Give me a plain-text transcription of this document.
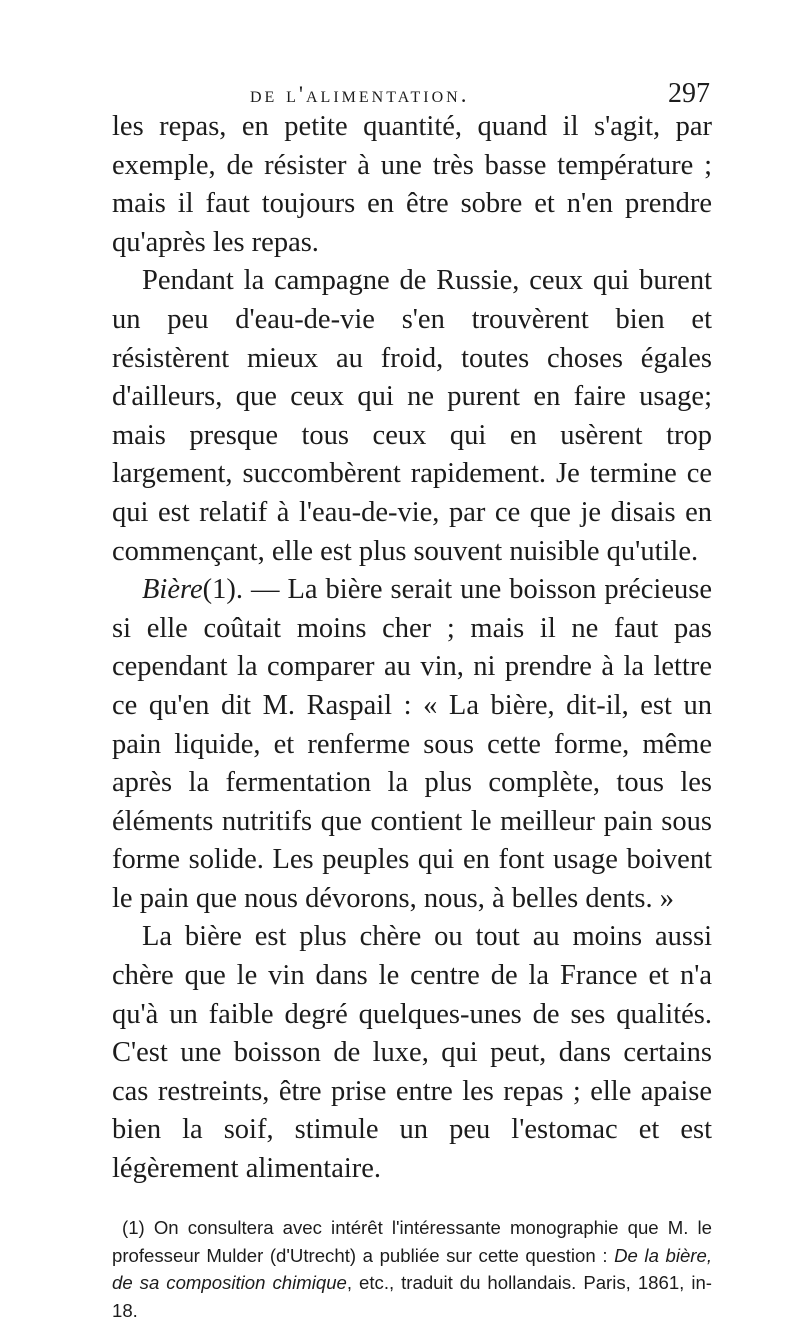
de l'alimentation.	297

les repas, en petite quantité, quand il s'agit, par exemple, de résister à une très basse température ; mais il faut toujours en être sobre et n'en prendre qu'après les repas.

Pendant la campagne de Russie, ceux qui burent un peu d'eau-de-vie s'en trouvèrent bien et résistèrent mieux au froid, toutes choses égales d'ailleurs, que ceux qui ne purent en faire usage; mais presque tous ceux qui en usèrent trop largement, succombèrent rapidement. Je termine ce qui est relatif à l'eau-de-vie, par ce que je disais en commençant, elle est plus souvent nuisible qu'utile.

Bière(1). — La bière serait une boisson précieuse si elle coûtait moins cher ; mais il ne faut pas cependant la comparer au vin, ni prendre à la lettre ce qu'en dit M. Raspail : « La bière, dit-il, est un pain liquide, et renferme sous cette forme, même après la fermentation la plus complète, tous les éléments nutritifs que contient le meilleur pain sous forme solide. Les peuples qui en font usage boivent le pain que nous dévorons, nous, à belles dents. »

La bière est plus chère ou tout au moins aussi chère que le vin dans le centre de la France et n'a qu'à un faible degré quelques-unes de ses qualités. C'est une boisson de luxe, qui peut, dans certains cas restreints, être prise entre les repas ; elle apaise bien la soif, stimule un peu l'estomac et est légèrement alimentaire.

(1) On consultera avec intérêt l'intéressante monographie que M. le professeur Mulder (d'Utrecht) a publiée sur cette question : De la bière, de sa composition chimique, etc., traduit du hollandais. Paris, 1861, in-18.
